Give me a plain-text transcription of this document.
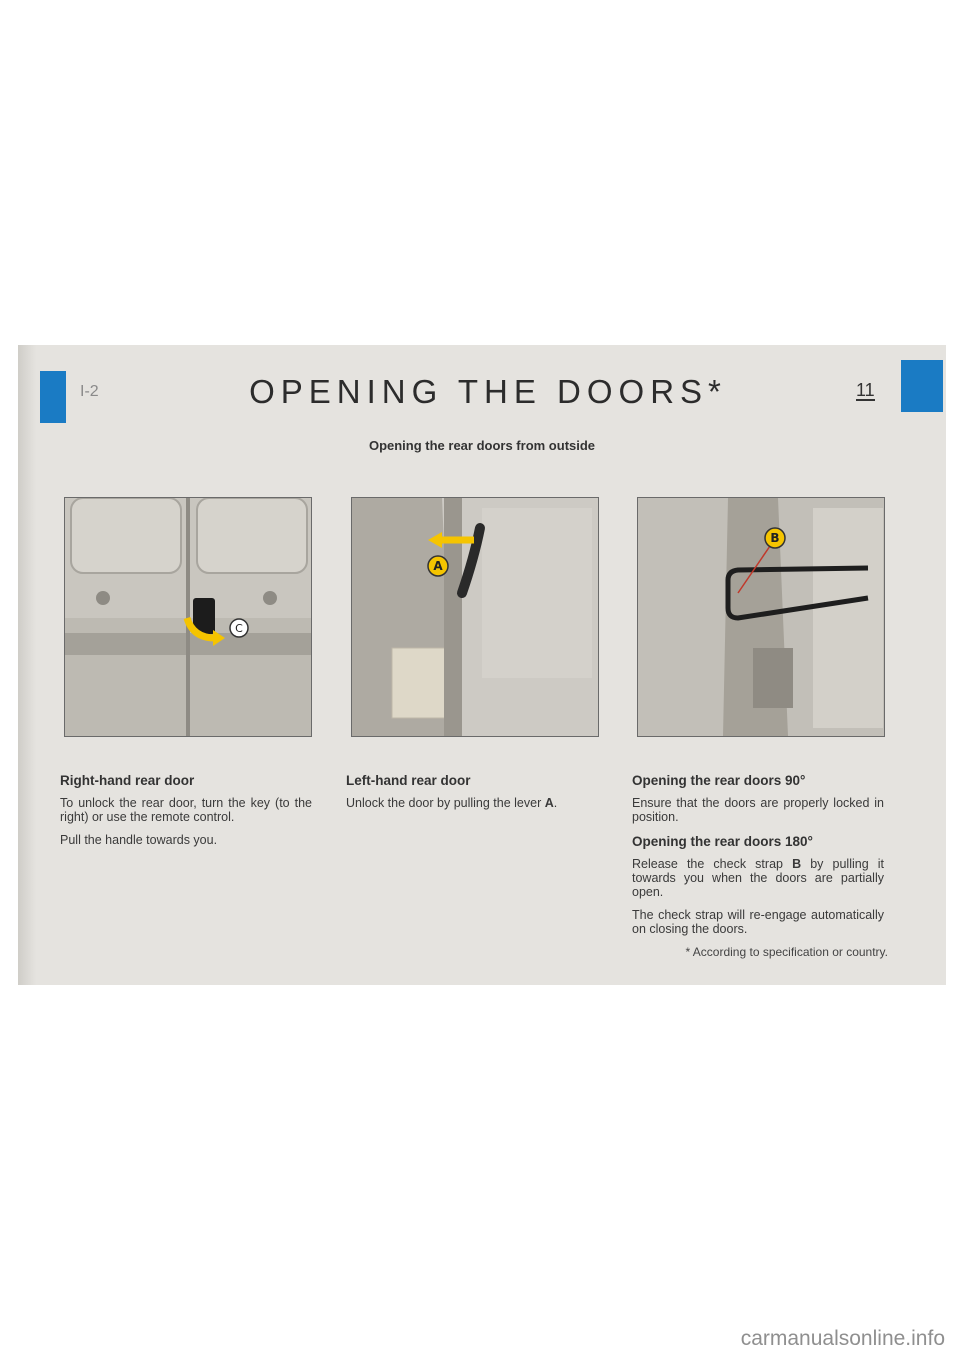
I-2	OPENING THE DOORS*	11
Opening the rear doors from outside
C
A
B
Right-hand rear door

To unlock the rear door, turn the key (to the right) or use the remote control.

Pull the handle towards you.

Left-hand rear door

Unlock the door by pulling the lever A.

Opening the rear doors 90°

Ensure that the doors are properly locked in position.

Opening the rear doors 180°

Release the check strap B by pulling it towards you when the doors are partially open.

The check strap will re-engage automatically on closing the doors.

* According to specification or country.
carmanualsonline.info
